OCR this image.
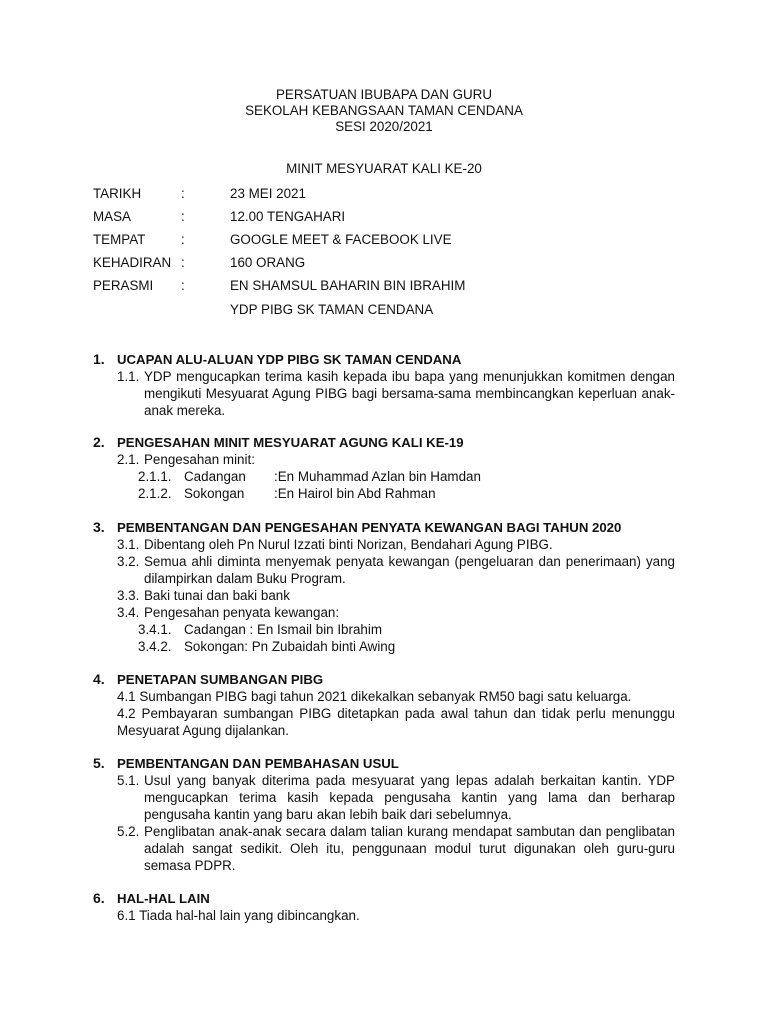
PERSATUAN IBUBAPA DAN GURU
SEKOLAH KEBANGSAAN TAMAN CENDANA
SESI 2020/2021
MINIT MESYUARAT KALI KE-20
TARIKH	:	23 MEI 2021
MASA	:	12.00 TENGAHARI
TEMPAT	:	GOOGLE MEET & FACEBOOK LIVE
KEHADIRAN :	160 ORANG
PERASMI :	EN SHAMSUL BAHARIN BIN IBRAHIM
YDP PIBG SK TAMAN CENDANA
1. UCAPAN ALU-ALUAN YDP PIBG SK TAMAN CENDANA
1.1. YDP mengucapkan terima kasih kepada ibu bapa yang menunjukkan komitmen dengan mengikuti Mesyuarat Agung PIBG bagi bersama-sama membincangkan keperluan anak-anak mereka.
2. PENGESAHAN MINIT MESYUARAT AGUNG KALI KE-19
2.1. Pengesahan minit:
2.1.1. Cadangan :En Muhammad Azlan bin Hamdan
2.1.2. Sokongan :En Hairol bin Abd Rahman
3. PEMBENTANGAN DAN PENGESAHAN PENYATA KEWANGAN BAGI TAHUN 2020
3.1. Dibentang oleh Pn Nurul Izzati binti Norizan, Bendahari Agung PIBG.
3.2. Semua ahli diminta menyemak penyata kewangan (pengeluaran dan penerimaan) yang dilampirkan dalam Buku Program.
3.3. Baki tunai dan baki bank
3.4. Pengesahan penyata kewangan:
3.4.1. Cadangan : En Ismail bin Ibrahim
3.4.2. Sokongan: Pn Zubaidah binti Awing
4. PENETAPAN SUMBANGAN PIBG
4.1 Sumbangan PIBG bagi tahun 2021 dikekalkan sebanyak RM50 bagi satu keluarga.
4.2 Pembayaran sumbangan PIBG ditetapkan pada awal tahun dan tidak perlu menunggu Mesyuarat Agung dijalankan.
5. PEMBENTANGAN DAN PEMBAHASAN USUL
5.1. Usul yang banyak diterima pada mesyuarat yang lepas adalah berkaitan kantin. YDP mengucapkan terima kasih kepada pengusaha kantin yang lama dan berharap pengusaha kantin yang baru akan lebih baik dari sebelumnya.
5.2. Penglibatan anak-anak secara dalam talian kurang mendapat sambutan dan penglibatan adalah sangat sedikit. Oleh itu, penggunaan modul turut digunakan oleh guru-guru semasa PDPR.
6. HAL-HAL LAIN
6.1 Tiada hal-hal lain yang dibincangkan.
